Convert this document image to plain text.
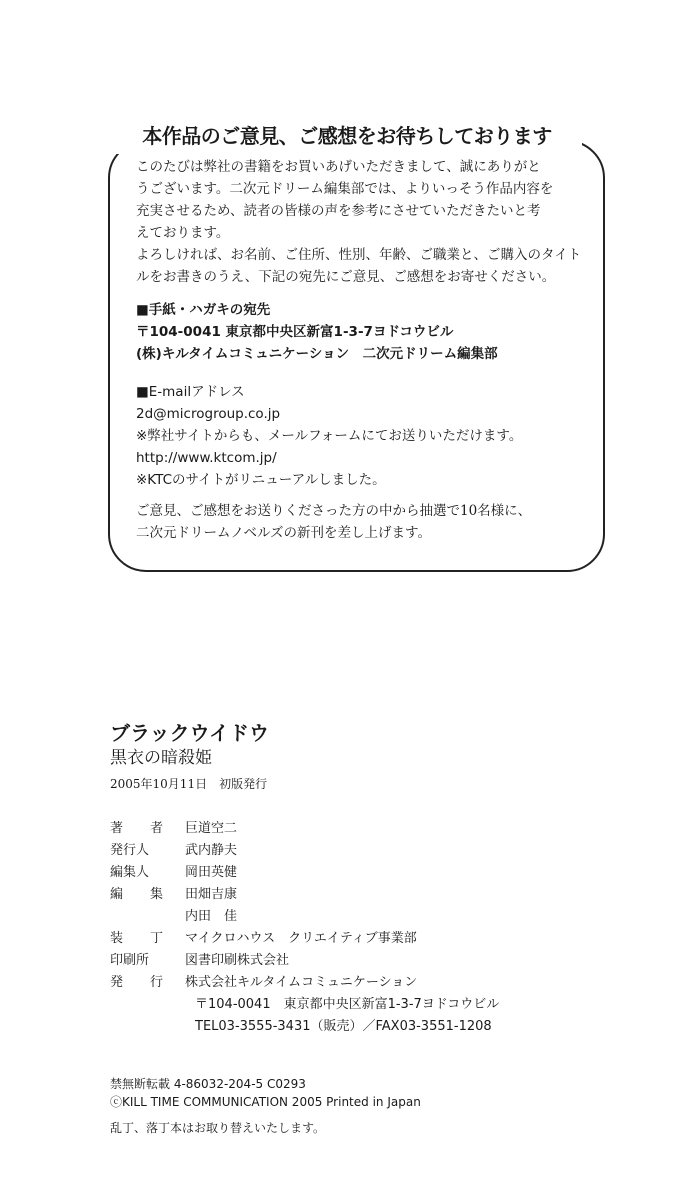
本作品のご意見、ご感想をお待ちしております
このたびは弊社の書籍をお買いあげいただきまして、誠にありがと
うございます。二次元ドリーム編集部では、よりいっそう作品内容を
充実させるため、読者の皆様の声を参考にさせていただきたいと考
えております。
よろしければ、お名前、ご住所、性別、年齢、ご職業と、ご購入のタイト
ルをお書きのうえ、下記の宛先にご意見、ご感想をお寄せください。
■手紙・ハガキの宛先
〒104-0041 東京都中央区新富1-3-7ヨドコウビル
(株)キルタイムコミュニケーション　二次元ドリーム編集部
■E-mailアドレス
2d@microgroup.co.jp
※弊社サイトからも、メールフォームにてお送りいただけます。
http://www.ktcom.jp/
※KTCのサイトがリニューアルしました。
ご意見、ご感想をお送りくださった方の中から抽選で10名様に、
二次元ドリームノベルズの新刊を差し上げます。
ブラックウイドウ
黒衣の暗殺姫
2005年10月11日　初版発行
著 者 巨道空二
発行人	武内静夫
編集人	岡田英健
編 集 田畑吉康
内田　佳
装 丁 マイクロハウス　クリエイティブ事業部
印刷所	図書印刷株式会社
発 行 株式会社キルタイムコミュニケーション
〒104-0041　東京都中央区新富1-3-7ヨドコウビル
TEL03-3555-3431（販売）／FAX03-3551-1208
禁無断転載 4-86032-204-5 C0293
ⓒKILL TIME COMMUNICATION 2005 Printed in Japan
乱丁、落丁本はお取り替えいたします。
